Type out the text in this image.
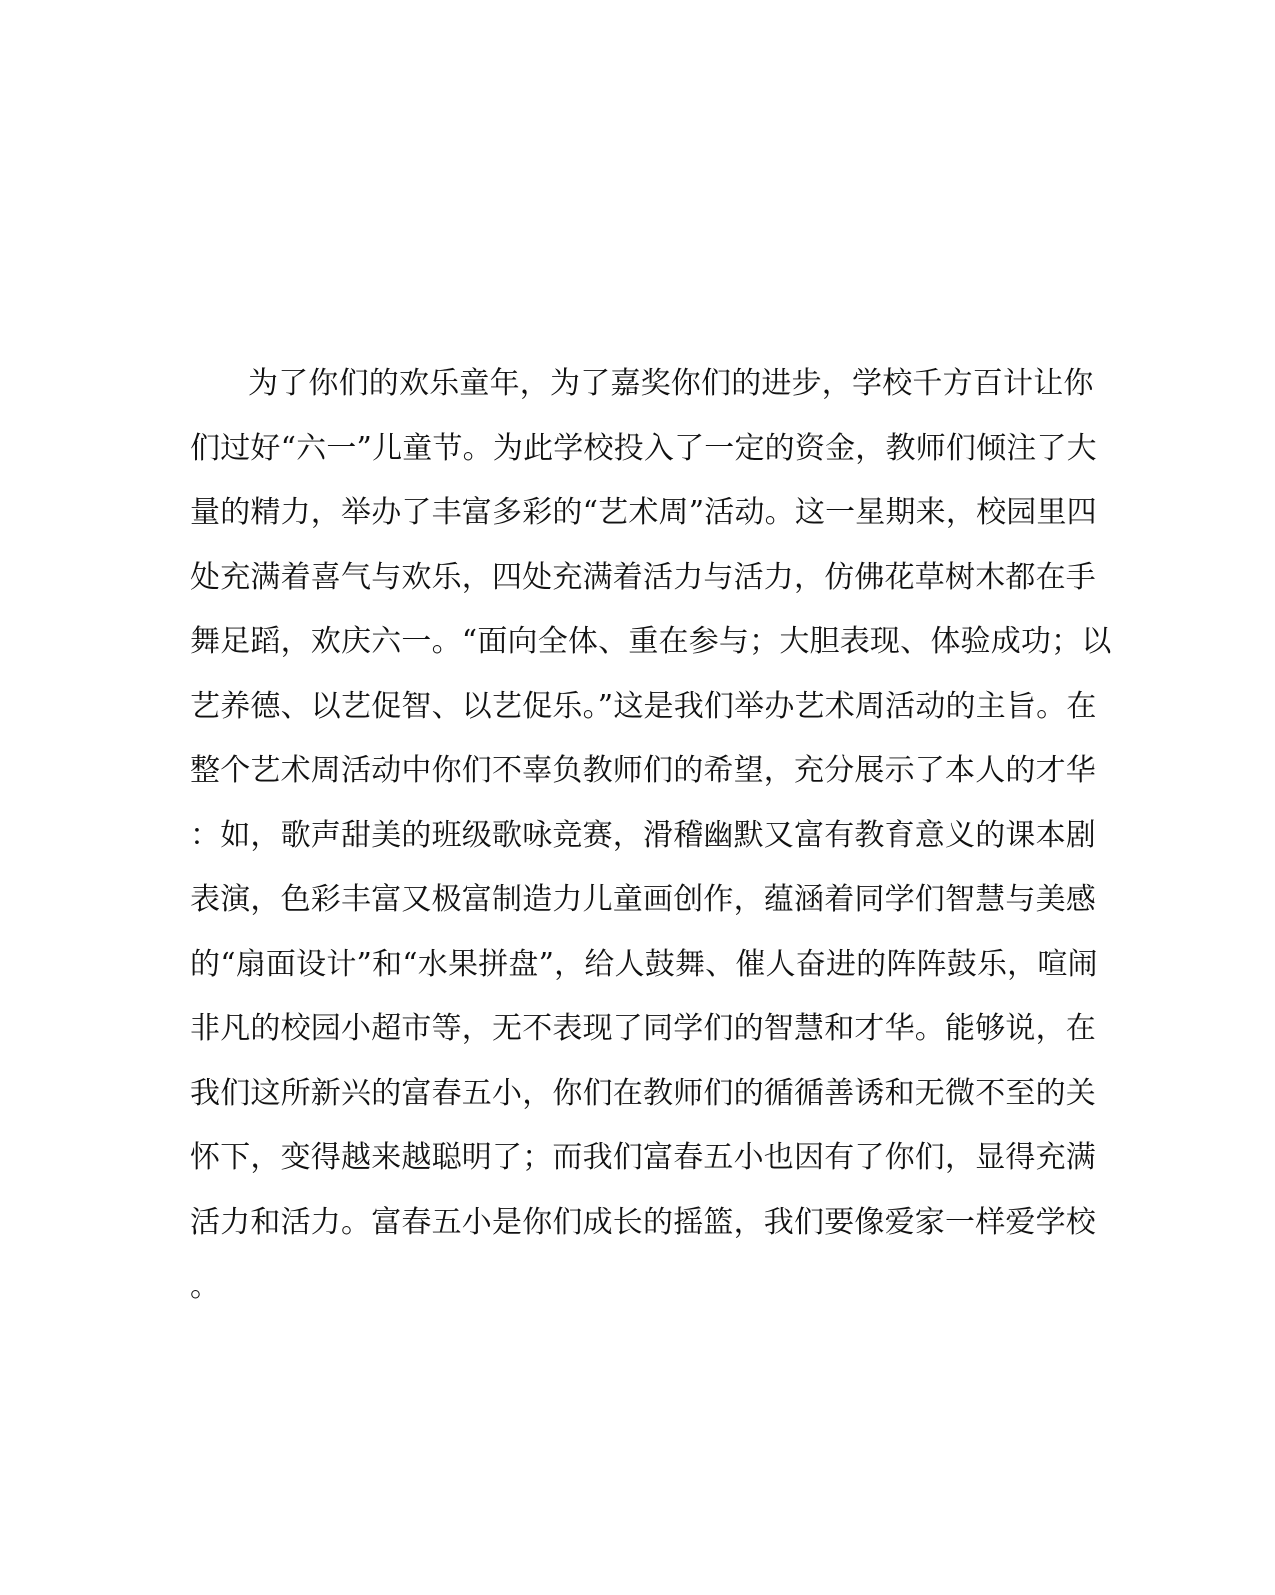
为了你们的欢乐童年，为了嘉奖你们的进步，学校千方百计让你
们过好“六一”儿童节。为此学校投入了一定的资金，教师们倾注了大
量的精力，举办了丰富多彩的“艺术周”活动。这一星期来，校园里四
处充满着喜气与欢乐，四处充满着活力与活力，仿佛花草树木都在手
舞足蹈，欢庆六一。“面向全体、重在参与；大胆表现、体验成功；以
艺养德、以艺促智、以艺促乐。”这是我们举办艺术周活动的主旨。在
整个艺术周活动中你们不辜负教师们的希望，充分展示了本人的才华
：如，歌声甜美的班级歌咏竞赛，滑稽幽默又富有教育意义的课本剧
表演，色彩丰富又极富制造力儿童画创作，蕴涵着同学们智慧与美感
的“扇面设计”和“水果拼盘”，给人鼓舞、催人奋进的阵阵鼓乐，喧闹
非凡的校园小超市等，无不表现了同学们的智慧和才华。能够说，在
我们这所新兴的富春五小，你们在教师们的循循善诱和无微不至的关
怀下，变得越来越聪明了；而我们富春五小也因有了你们，显得充满
活力和活力。富春五小是你们成长的摇篮，我们要像爱家一样爱学校
。
